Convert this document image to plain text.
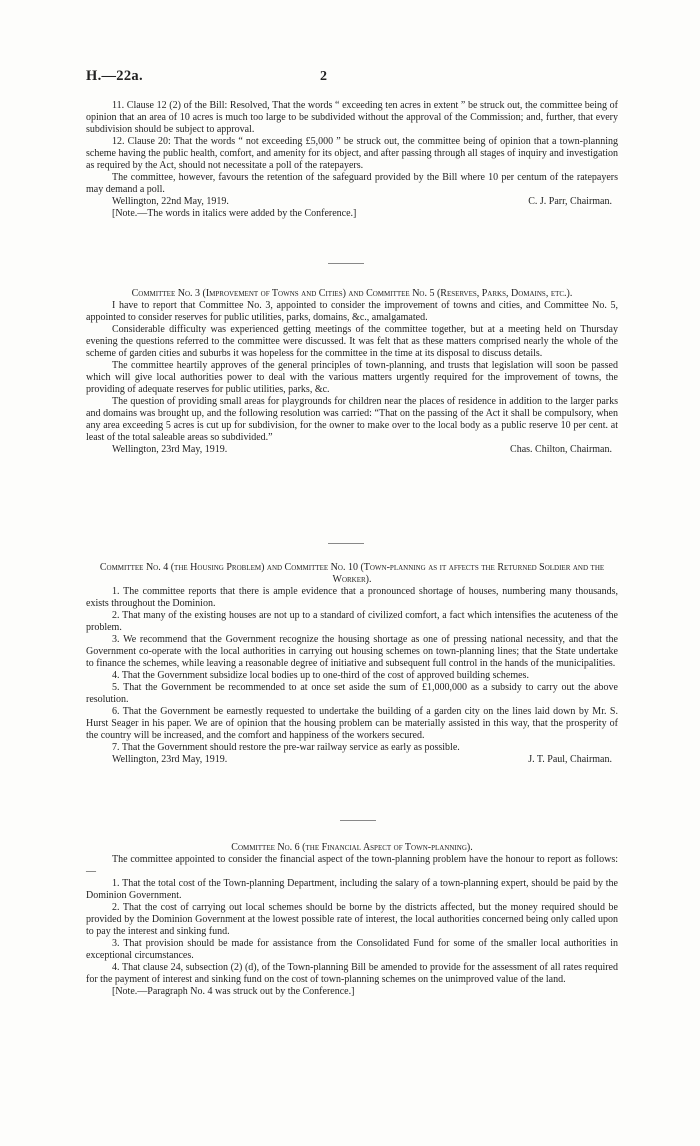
H.—22a.	2

11. Clause 12 (2) of the Bill: Resolved, That the words “ exceeding ten acres in extent ” be struck out, the committee being of opinion that an area of 10 acres is much too large to be subdivided without the approval of the Commission; and, further, that every subdivision should be subject to approval.

12. Clause 20: That the words “ not exceeding £5,000 ” be struck out, the committee being of opinion that a town-planning scheme having the public health, comfort, and amenity for its object, and after passing through all stages of inquiry and investigation as required by the Act, should not necessitate a poll of the ratepayers.

The committee, however, favours the retention of the safeguard provided by the Bill where 10 per centum of the ratepayers may demand a poll.

Wellington, 22nd May, 1919.	C. J. Parr, Chairman.

[Note.—The words in italics were added by the Conference.]

Committee No. 3 (Improvement of Towns and Cities) and Committee No. 5 (Reserves, Parks, Domains, etc.).

I have to report that Committee No. 3, appointed to consider the improvement of towns and cities, and Committee No. 5, appointed to consider reserves for public utilities, parks, domains, &c., amalgamated.

Considerable difficulty was experienced getting meetings of the committee together, but at a meeting held on Thursday evening the questions referred to the committee were discussed. It was felt that as these matters comprised nearly the whole of the scheme of garden cities and suburbs it was hopeless for the committee in the time at its disposal to discuss details.

The committee heartily approves of the general principles of town-planning, and trusts that legislation will soon be passed which will give local authorities power to deal with the various matters urgently required for the improvement of towns, the providing of adequate reserves for public utilities, parks, &c.

The question of providing small areas for playgrounds for children near the places of residence in addition to the larger parks and domains was brought up, and the following resolution was carried: “That on the passing of the Act it shall be compulsory, when any area exceeding 5 acres is cut up for subdivision, for the owner to make over to the local body as a public reserve 10 per cent. at least of the total saleable areas so subdivided.”

Wellington, 23rd May, 1919.	Chas. Chilton, Chairman.

Committee No. 4 (the Housing Problem) and Committee No. 10 (Town-planning as it affects the Returned Soldier and the Worker).

1. The committee reports that there is ample evidence that a pronounced shortage of houses, numbering many thousands, exists throughout the Dominion.

2. That many of the existing houses are not up to a standard of civilized comfort, a fact which intensifies the acuteness of the problem.

3. We recommend that the Government recognize the housing shortage as one of pressing national necessity, and that the Government co-operate with the local authorities in carrying out housing schemes on town-planning lines; that the State undertake to finance the schemes, while leaving a reasonable degree of initiative and subsequent full control in the hands of the municipalities.

4. That the Government subsidize local bodies up to one-third of the cost of approved building schemes.

5. That the Government be recommended to at once set aside the sum of £1,000,000 as a subsidy to carry out the above resolution.

6. That the Government be earnestly requested to undertake the building of a garden city on the lines laid down by Mr. S. Hurst Seager in his paper. We are of opinion that the housing problem can be materially assisted in this way, that the prosperity of the country will be increased, and the comfort and happiness of the workers secured.

7. That the Government should restore the pre-war railway service as early as possible.

Wellington, 23rd May, 1919.	J. T. Paul, Chairman.

Committee No. 6 (the Financial Aspect of Town-planning).

The committee appointed to consider the financial aspect of the town-planning problem have the honour to report as follows:—

1. That the total cost of the Town-planning Department, including the salary of a town-planning expert, should be paid by the Dominion Government.

2. That the cost of carrying out local schemes should be borne by the districts affected, but the money required should be provided by the Dominion Government at the lowest possible rate of interest, the local authorities concerned being only called upon to pay the interest and sinking fund.

3. That provision should be made for assistance from the Consolidated Fund for some of the smaller local authorities in exceptional circumstances.

4. That clause 24, subsection (2) (d), of the Town-planning Bill be amended to provide for the assessment of all rates required for the payment of interest and sinking fund on the cost of town-planning schemes on the unimproved value of the land.

[Note.—Paragraph No. 4 was struck out by the Conference.]
